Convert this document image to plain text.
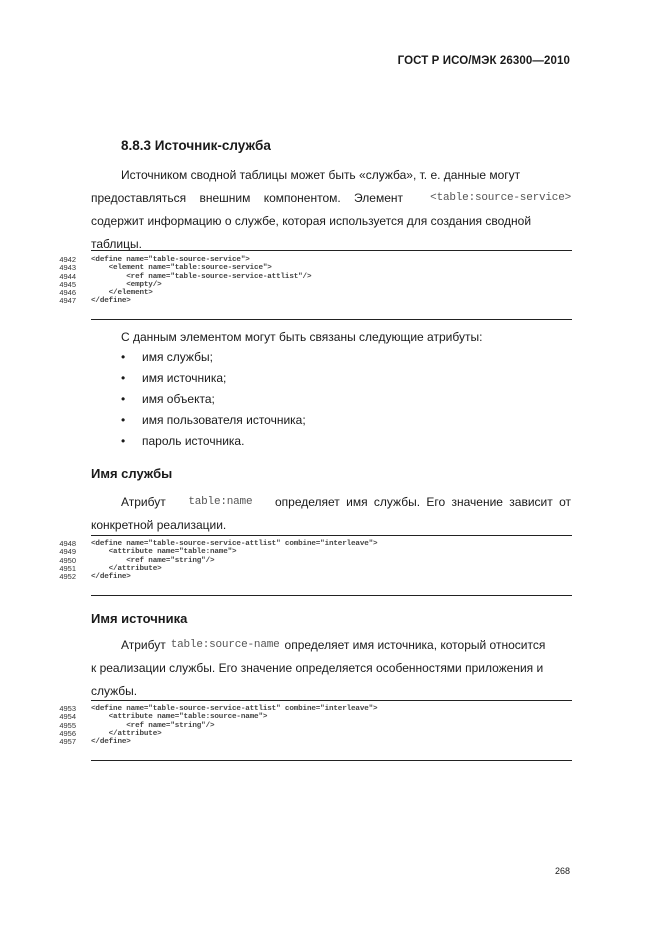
ГОСТ Р ИСО/МЭК 26300—2010
8.8.3 Источник-служба
Источником сводной таблицы может быть «служба», т. е. данные могут
предоставляться внешним компонентом. Элемент <table:source-service>
содержит информацию о службе, которая используется для создания сводной
таблицы.
4942 <define name="table-source-service">
4943 <element name="table:source-service">
4944 <ref name="table-source-service-attlist"/>
4945 <empty/>
4946 </element>
4947 </define>
С данным элементом могут быть связаны следующие атрибуты:
• имя службы;
• имя источника;
• имя объекта;
• имя пользователя источника;
• пароль источника.
Имя службы
Атрибут table:name определяет имя службы. Его значение зависит от
конкретной реализации.
4948 <define name="table-source-service-attlist" combine="interleave">
4949 <attribute name="table:name">
4950 <ref name="string"/>
4951 </attribute>
4952 </define>
Имя источника
Атрибут table:source-name определяет имя источника, который относится
к реализации службы. Его значение определяется особенностями приложения и
службы.
4953 <define name="table-source-service-attlist" combine="interleave">
4954 <attribute name="table:source-name">
4955 <ref name="string"/>
4956 </attribute>
4957 </define>
268
